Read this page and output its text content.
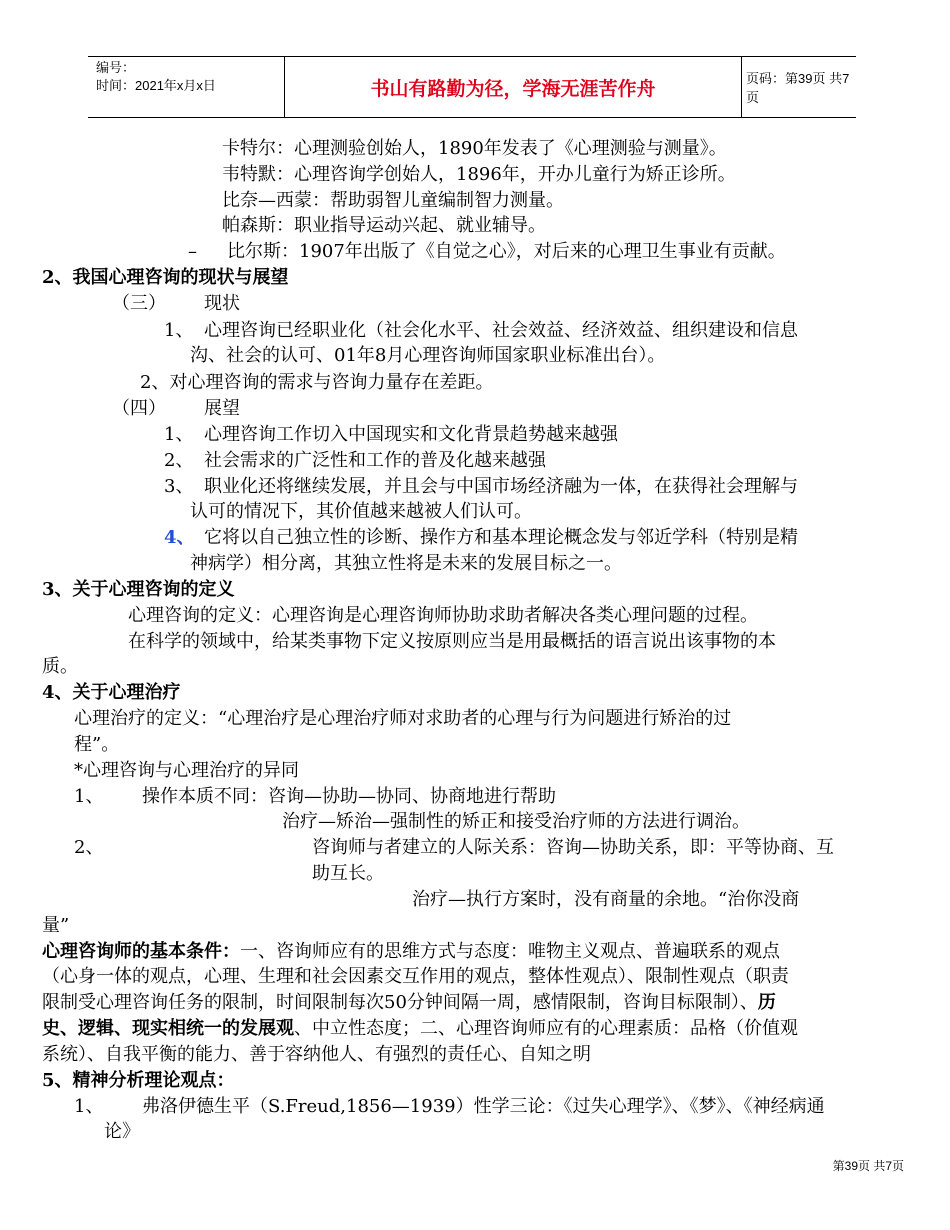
编号：
时间：2021年x月x日	书山有路勤为径，学海无涯苦作舟	页码：第39页 共7页
卡特尔：心理测验创始人，1890年发表了《心理测验与测量》。
韦特默：心理咨询学创始人，1896年，开办儿童行为矫正诊所。
比奈—西蒙：帮助弱智儿童编制智力测量。
帕森斯：职业指导运动兴起、就业辅导。
– 比尔斯：1907年出版了《自觉之心》，对后来的心理卫生事业有贡献。
2、我国心理咨询的现状与展望
（三） 现状
1、 心理咨询已经职业化（社会化水平、社会效益、经济效益、组织建设和信息
沟、社会的认可、01年8月心理咨询师国家职业标准出台）。
2、对心理咨询的需求与咨询力量存在差距。
（四） 展望
1、 心理咨询工作切入中国现实和文化背景趋势越来越强
2、 社会需求的广泛性和工作的普及化越来越强
3、 职业化还将继续发展，并且会与中国市场经济融为一体，在获得社会理解与
认可的情况下，其价值越来越被人们认可。
4、 它将以自己独立性的诊断、操作方和基本理论概念发与邻近学科（特别是精
神病学）相分离，其独立性将是未来的发展目标之一。
3、关于心理咨询的定义
心理咨询的定义：心理咨询是心理咨询师协助求助者解决各类心理问题的过程。
在科学的领域中，给某类事物下定义按原则应当是用最概括的语言说出该事物的本
质。
4、关于心理治疗
心理治疗的定义：“心理治疗是心理治疗师对求助者的心理与行为问题进行矫治的过
程”。
*心理咨询与心理治疗的异同
1、 操作本质不同：咨询—协助—协同、协商地进行帮助
治疗—矫治—强制性的矫正和接受治疗师的方法进行调治。
2、	咨询师与者建立的人际关系：咨询—协助关系，即：平等协商、互
助互长。
治疗—执行方案时，没有商量的余地。“治你没商
量”
心理咨询师的基本条件：一、咨询师应有的思维方式与态度：唯物主义观点、普遍联系的观点
（心身一体的观点，心理、生理和社会因素交互作用的观点，整体性观点）、限制性观点（职责
限制受心理咨询任务的限制，时间限制每次50分钟间隔一周，感情限制，咨询目标限制）、历
史、逻辑、现实相统一的发展观、中立性态度；二、心理咨询师应有的心理素质：品格（价值观
系统）、自我平衡的能力、善于容纳他人、有强烈的责任心、自知之明
5、精神分析理论观点：
1、 弗洛伊德生平（S.Freud,1856—1939）性学三论：《过失心理学》、《梦》、《神经病通
论》
第39页 共7页
